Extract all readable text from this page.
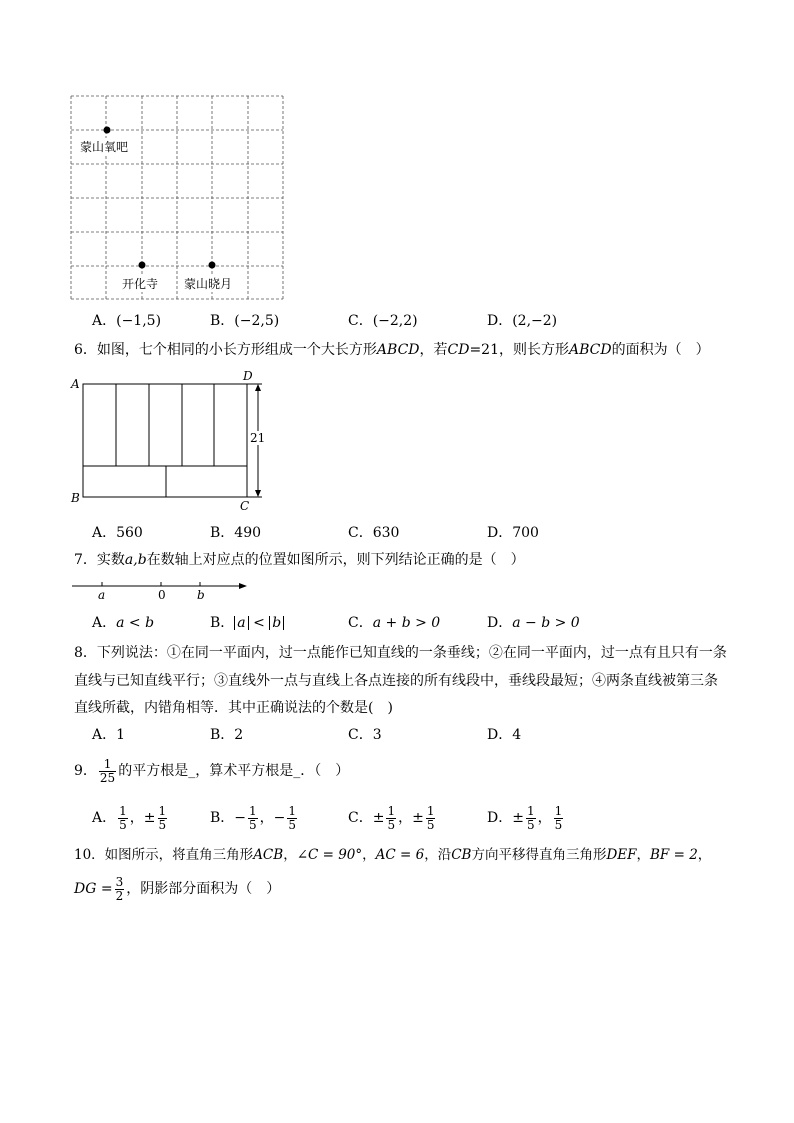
蒙山氧吧
开化寺 蒙山晓月
A．(−1,5)	B．(−2,5)	C．(−2,2)	D．(2,−2)
6．如图，七个相同的小长方形组成一个大长方形ABCD，若CD=21，则长方形ABCD的面积为（　）
A
B
C
D
21
A．560	B．490	C．630	D．700
7．实数a,b在数轴上对应点的位置如图所示，则下列结论正确的是（　）
a	0	b
A．a < b	B． a < b	C．a + b > 0	D．a − b > 0
8．下列说法：①在同一平面内，过一点能作已知直线的一条垂线；②在同一平面内，过一点有且只有一条
直线与已知直线平行；③直线外一点与直线上各点连接的所有线段中，垂线段最短；④两条直线被第三条
直线所截，内错角相等．其中正确说法的个数是(　)
A．1	B．2	C．3	D．4
9． $\frac{1}{25}$ 的平方根是_，算术平方根是_．（　）
A． $\frac{1}{5}$ ，± $\frac{1}{5}$	B．− $\frac{1}{5}$ ，− $\frac{1}{5}$	C．± $\frac{1}{5}$ ，± $\frac{1}{5}$	D．± $\frac{1}{5}$ ， $\frac{1}{5}$
10．如图所示，将直角三角形ACB，∠C = 90°，AC = 6，沿CB方向平移得直角三角形DEF，BF = 2，
DG = $\frac{3}{2}$ ，阴影部分面积为（　）
